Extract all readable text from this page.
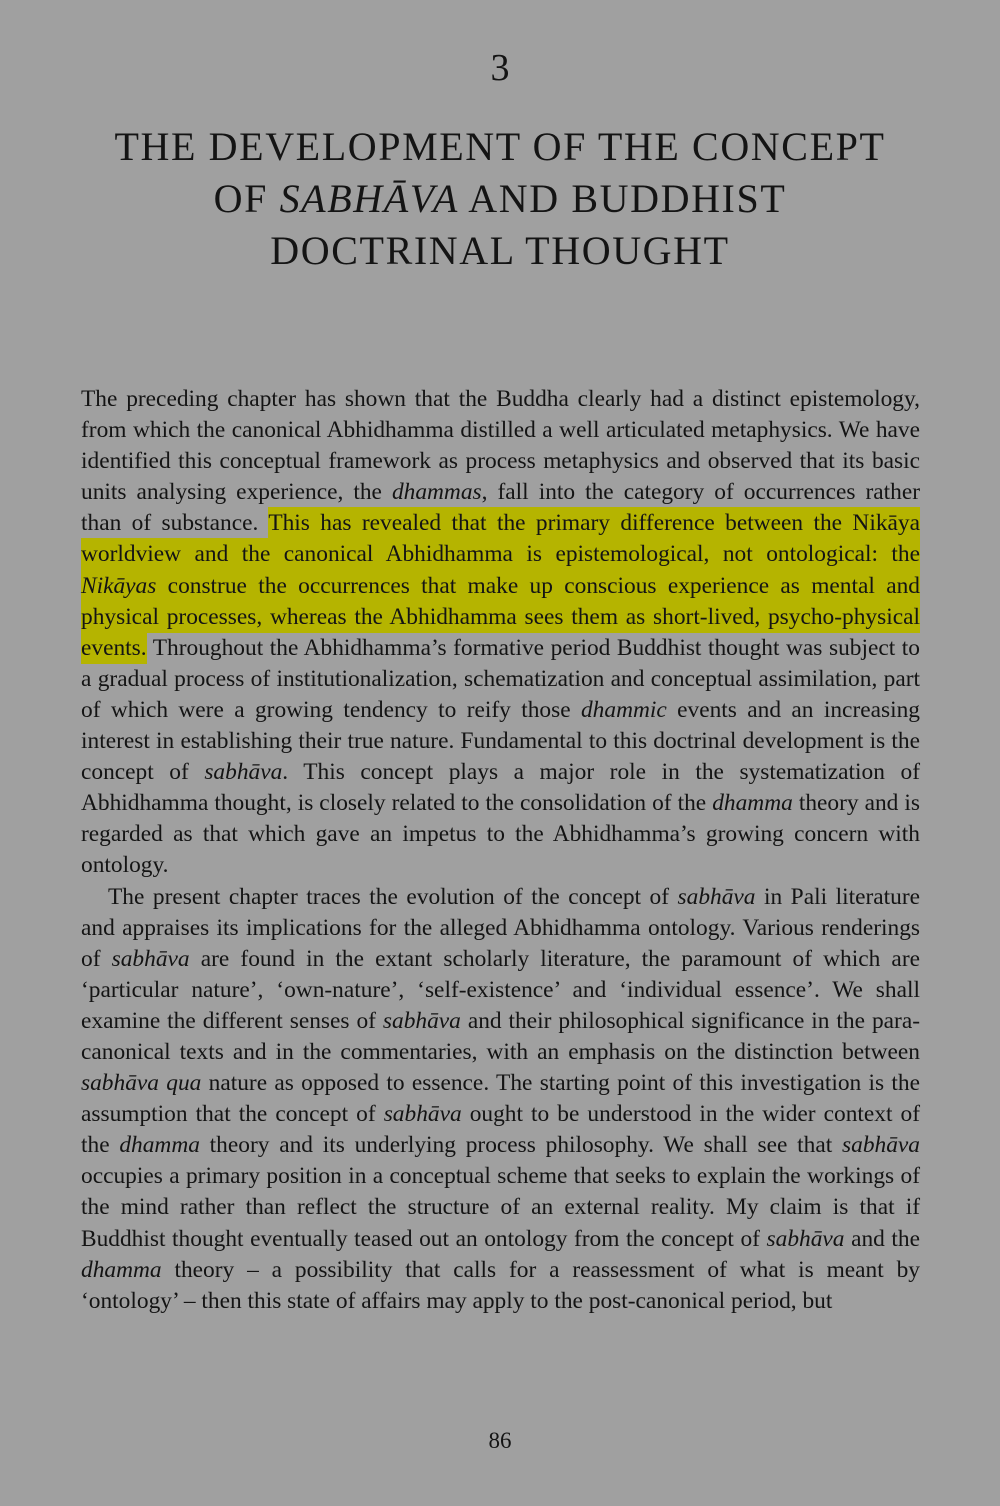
3
THE DEVELOPMENT OF THE CONCEPT
OF SABHĀVA AND BUDDHIST
DOCTRINAL THOUGHT

The preceding chapter has shown that the Buddha clearly had a distinct epistemology, from which the canonical Abhidhamma distilled a well articulated metaphysics. We have identified this conceptual framework as process metaphysics and observed that its basic units analysing experience, the dhammas, fall into the category of occurrences rather than of substance. This has revealed that the primary difference between the Nikāya worldview and the canonical Abhidhamma is epistemological, not ontological: the Nikāyas construe the occurrences that make up conscious experience as mental and physical processes, whereas the Abhidhamma sees them as short-lived, psycho-physical events. Throughout the Abhidhamma’s formative period Buddhist thought was subject to a gradual process of institutionalization, schematization and conceptual assimilation, part of which were a growing tendency to reify those dhammic events and an increasing interest in establishing their true nature. Fundamental to this doctrinal development is the concept of sabhāva. This concept plays a major role in the systematization of Abhidhamma thought, is closely related to the consolidation of the dhamma theory and is regarded as that which gave an impetus to the Abhidhamma’s growing concern with ontology.

The present chapter traces the evolution of the concept of sabhāva in Pali literature and appraises its implications for the alleged Abhidhamma ontology. Various renderings of sabhāva are found in the extant scholarly literature, the paramount of which are ‘particular nature’, ‘own-nature’, ‘self-existence’ and ‘individual essence’. We shall examine the different senses of sabhāva and their philosophical significance in the para-canonical texts and in the commentaries, with an emphasis on the distinction between sabhāva qua nature as opposed to essence. The starting point of this investigation is the assumption that the concept of sabhāva ought to be understood in the wider context of the dhamma theory and its underlying process philosophy. We shall see that sabhāva occupies a primary position in a conceptual scheme that seeks to explain the workings of the mind rather than reflect the structure of an external reality. My claim is that if Buddhist thought eventually teased out an ontology from the concept of sabhāva and the dhamma theory – a possibility that calls for a reassessment of what is meant by ‘ontology’ – then this state of affairs may apply to the post-canonical period, but

86
